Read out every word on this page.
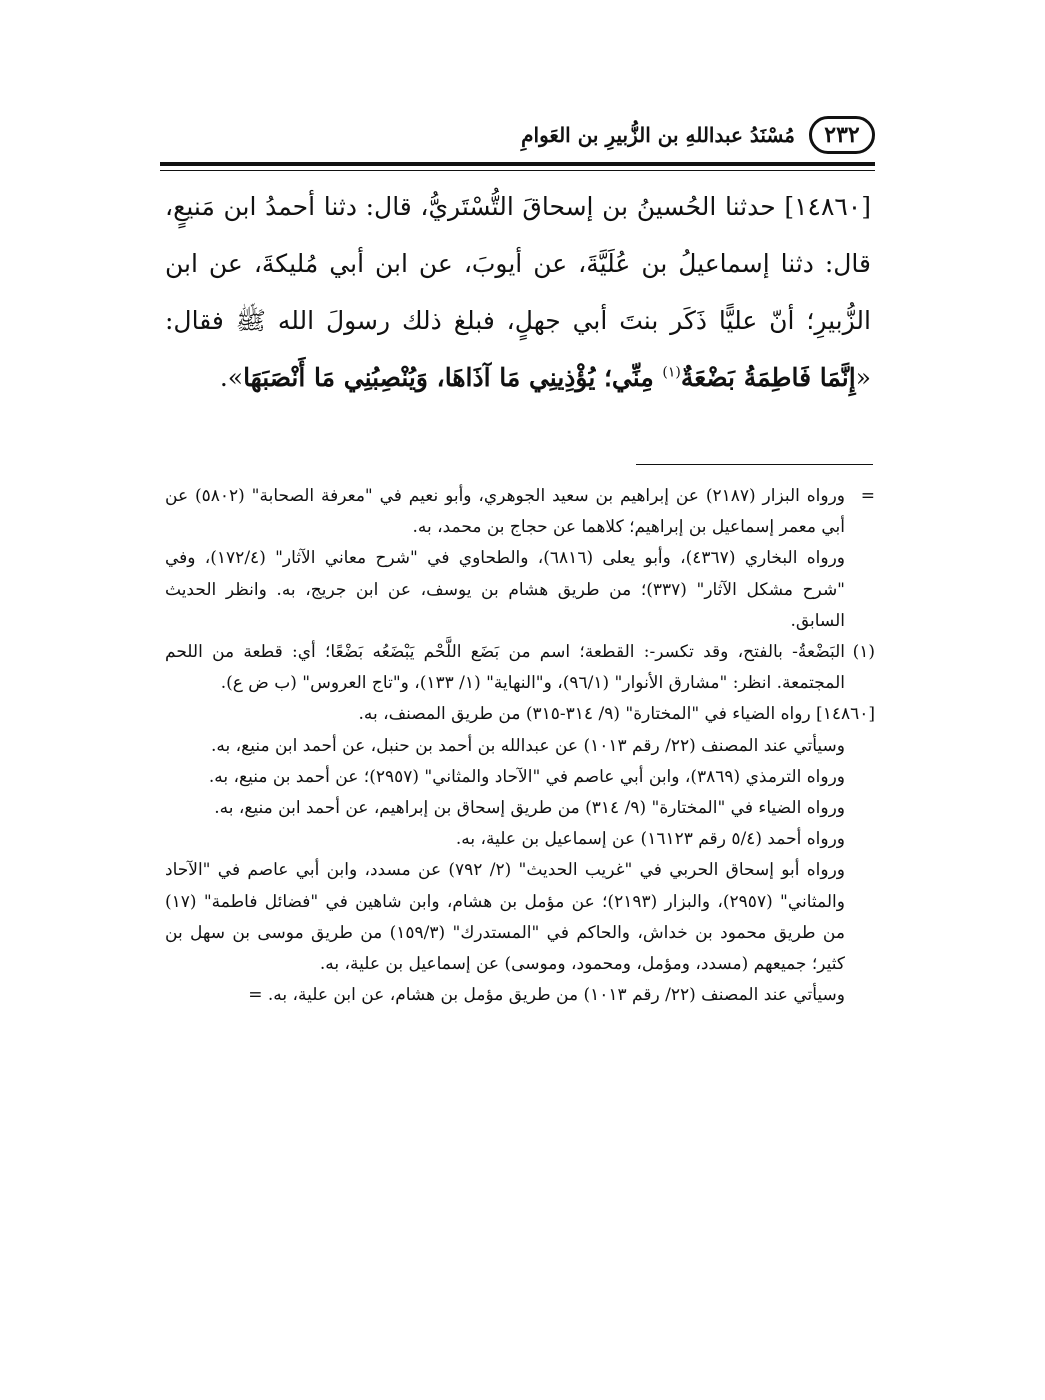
٢٣٢
مُسْنَدُ عبداللهِ بن الزُّبيرِ بن العَوامِ

[١٤٨٦٠] حدثنا الحُسينُ بن إسحاقَ التُّسْتَريُّ، قال: دثنا أحمدُ ابن مَنيعٍ، قال: دثنا إسماعيلُ بن عُلَيَّةَ، عن أيوبَ، عن ابن أبي مُليكةَ، عن ابن الزُّبيرِ؛ أنّ عليًّا ذَكَر بنتَ أبي جهلٍ، فبلغ ذلك رسولَ الله ﷺ فقال: «إِنَّمَا فَاطِمَةُ بَضْعَةٌ$^{(١)}$ مِنِّي؛ يُؤْذِينِي مَا آذَاهَا، وَيُنْصِبُنِي مَا أَنْصَبَهَا».

=

ورواه البزار (٢١٨٧) عن إبراهيم بن سعيد الجوهري، وأبو نعيم في "معرفة الصحابة" (٥٨٠٢) عن أبي معمر إسماعيل بن إبراهيم؛ كلاهما عن حجاج بن محمد، به.

ورواه البخاري (٤٣٦٧)، وأبو يعلى (٦٨١٦)، والطحاوي في "شرح معاني الآثار" (١٧٢/٤)، وفي "شرح مشكل الآثار" (٣٣٧)؛ من طريق هشام بن يوسف، عن ابن جريج، به. وانظر الحديث السابق.

(١)

البَضْعةُ- بالفتح، وقد تكسر-: القطعة؛ اسم من بَضَع اللَّحْم يَبْضَعُه بَضْعًا؛ أي: قطعة من اللحم المجتمعة. انظر: "مشارق الأنوار" (٩٦/١)، و"النهاية" (١/ ١٣٣)، و"تاج العروس" (ب ض ع).

[١٤٨٦٠] رواه الضياء في "المختارة" (٩/ ٣١٤-٣١٥) من طريق المصنف، به.

وسيأتي عند المصنف (٢٢/ رقم ١٠١٣) عن عبدالله بن أحمد بن حنبل، عن أحمد ابن منيع، به.

ورواه الترمذي (٣٨٦٩)، وابن أبي عاصم في "الآحاد والمثاني" (٢٩٥٧)؛ عن أحمد بن منيع، به.

ورواه الضياء في "المختارة" (٩/ ٣١٤) من طريق إسحاق بن إبراهيم، عن أحمد ابن منيع، به.

ورواه أحمد (٥/٤ رقم ١٦١٢٣) عن إسماعيل بن علية، به.

ورواه أبو إسحاق الحربي في "غريب الحديث" (٢/ ٧٩٢) عن مسدد، وابن أبي عاصم في "الآحاد والمثاني" (٢٩٥٧)، والبزار (٢١٩٣)؛ عن مؤمل بن هشام، وابن شاهين في "فضائل فاطمة" (١٧) من طريق محمود بن خداش، والحاكم في "المستدرك" (١٥٩/٣) من طريق موسى بن سهل بن كثير؛ جميعهم (مسدد، ومؤمل، ومحمود، وموسى) عن إسماعيل بن علية، به.

وسيأتي عند المصنف (٢٢/ رقم ١٠١٣) من طريق مؤمل بن هشام، عن ابن علية، به. =
